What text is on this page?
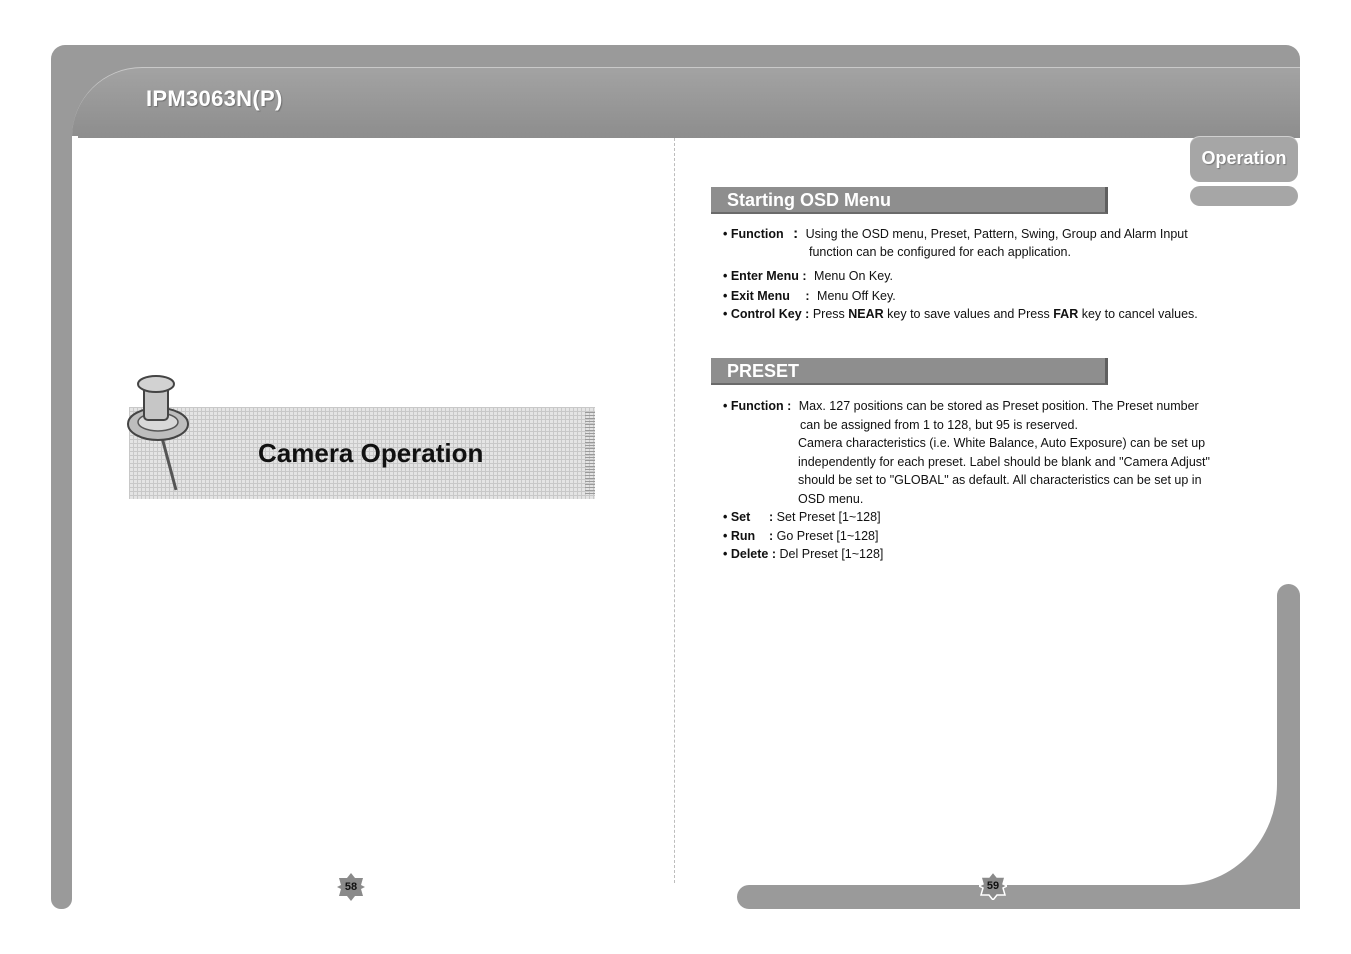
IPM3063N(P)
Operation
Camera Operation
58
Starting OSD Menu
• Function : Using the OSD menu, Preset, Pattern, Swing, Group and Alarm Input
function can be configured for each application.
• Enter Menu : Menu On Key.
• Exit Menu : Menu Off Key.
• Control Key : Press NEAR key to save values and Press FAR key to cancel values.
PRESET
• Function : Max. 127 positions can be stored as Preset position. The Preset number
can be assigned from 1 to 128, but 95 is reserved.
Camera characteristics (i.e. White Balance, Auto Exposure) can be set up
independently for each preset. Label should be blank and "Camera Adjust"
should be set to "GLOBAL" as default. All characteristics can be set up in
OSD menu.
• Set : Set Preset [1~128]
• Run : Go Preset [1~128]
• Delete : Del Preset [1~128]
59
